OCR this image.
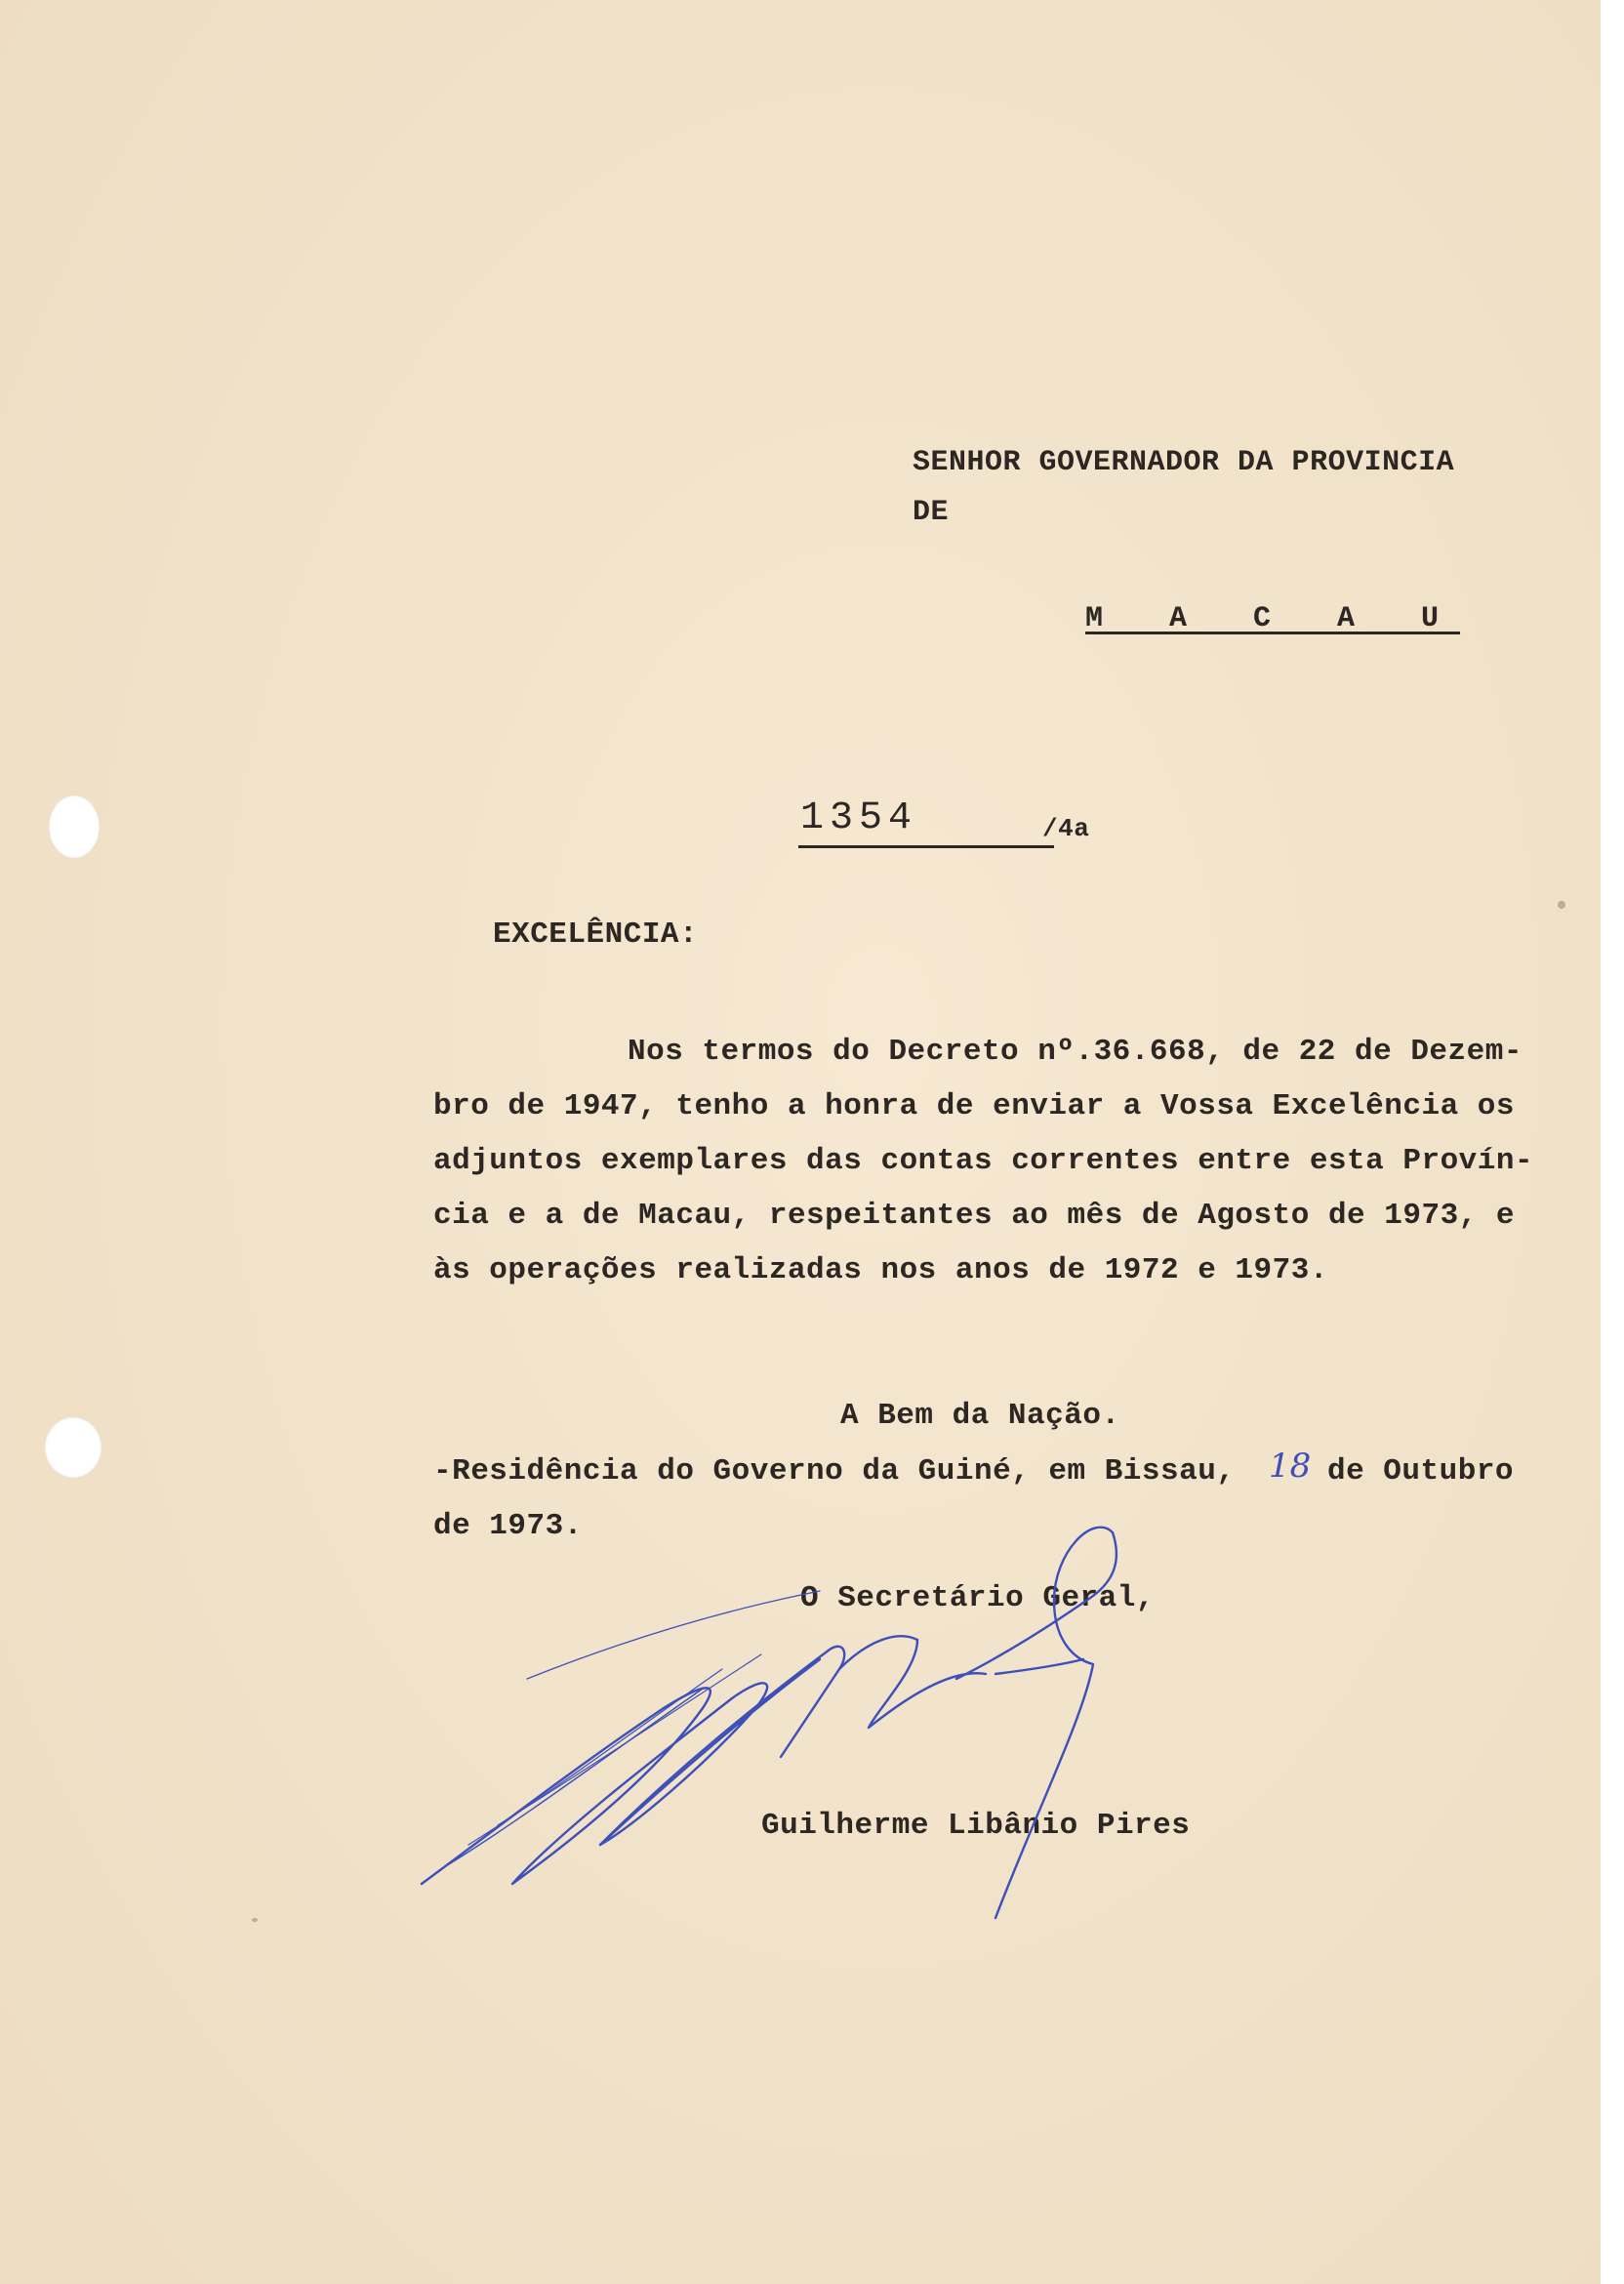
SENHOR GOVERNADOR DA PROVINCIA
DE
M A C A U
1354	/4a
EXCELÊNCIA:
Nos termos do Decreto nº.36.668, de 22 de Dezem-
bro de 1947, tenho a honra de enviar a Vossa Excelência os
adjuntos exemplares das contas correntes entre esta Provín-
cia e a de Macau, respeitantes ao mês de Agosto de 1973, e
às operações realizadas nos anos de 1972 e 1973.
A Bem da Nação.
-Residência do Governo da Guiné, em Bissau, 18 de Outubro
de 1973.
O Secretário Geral,
Guilherme Libânio Pires
